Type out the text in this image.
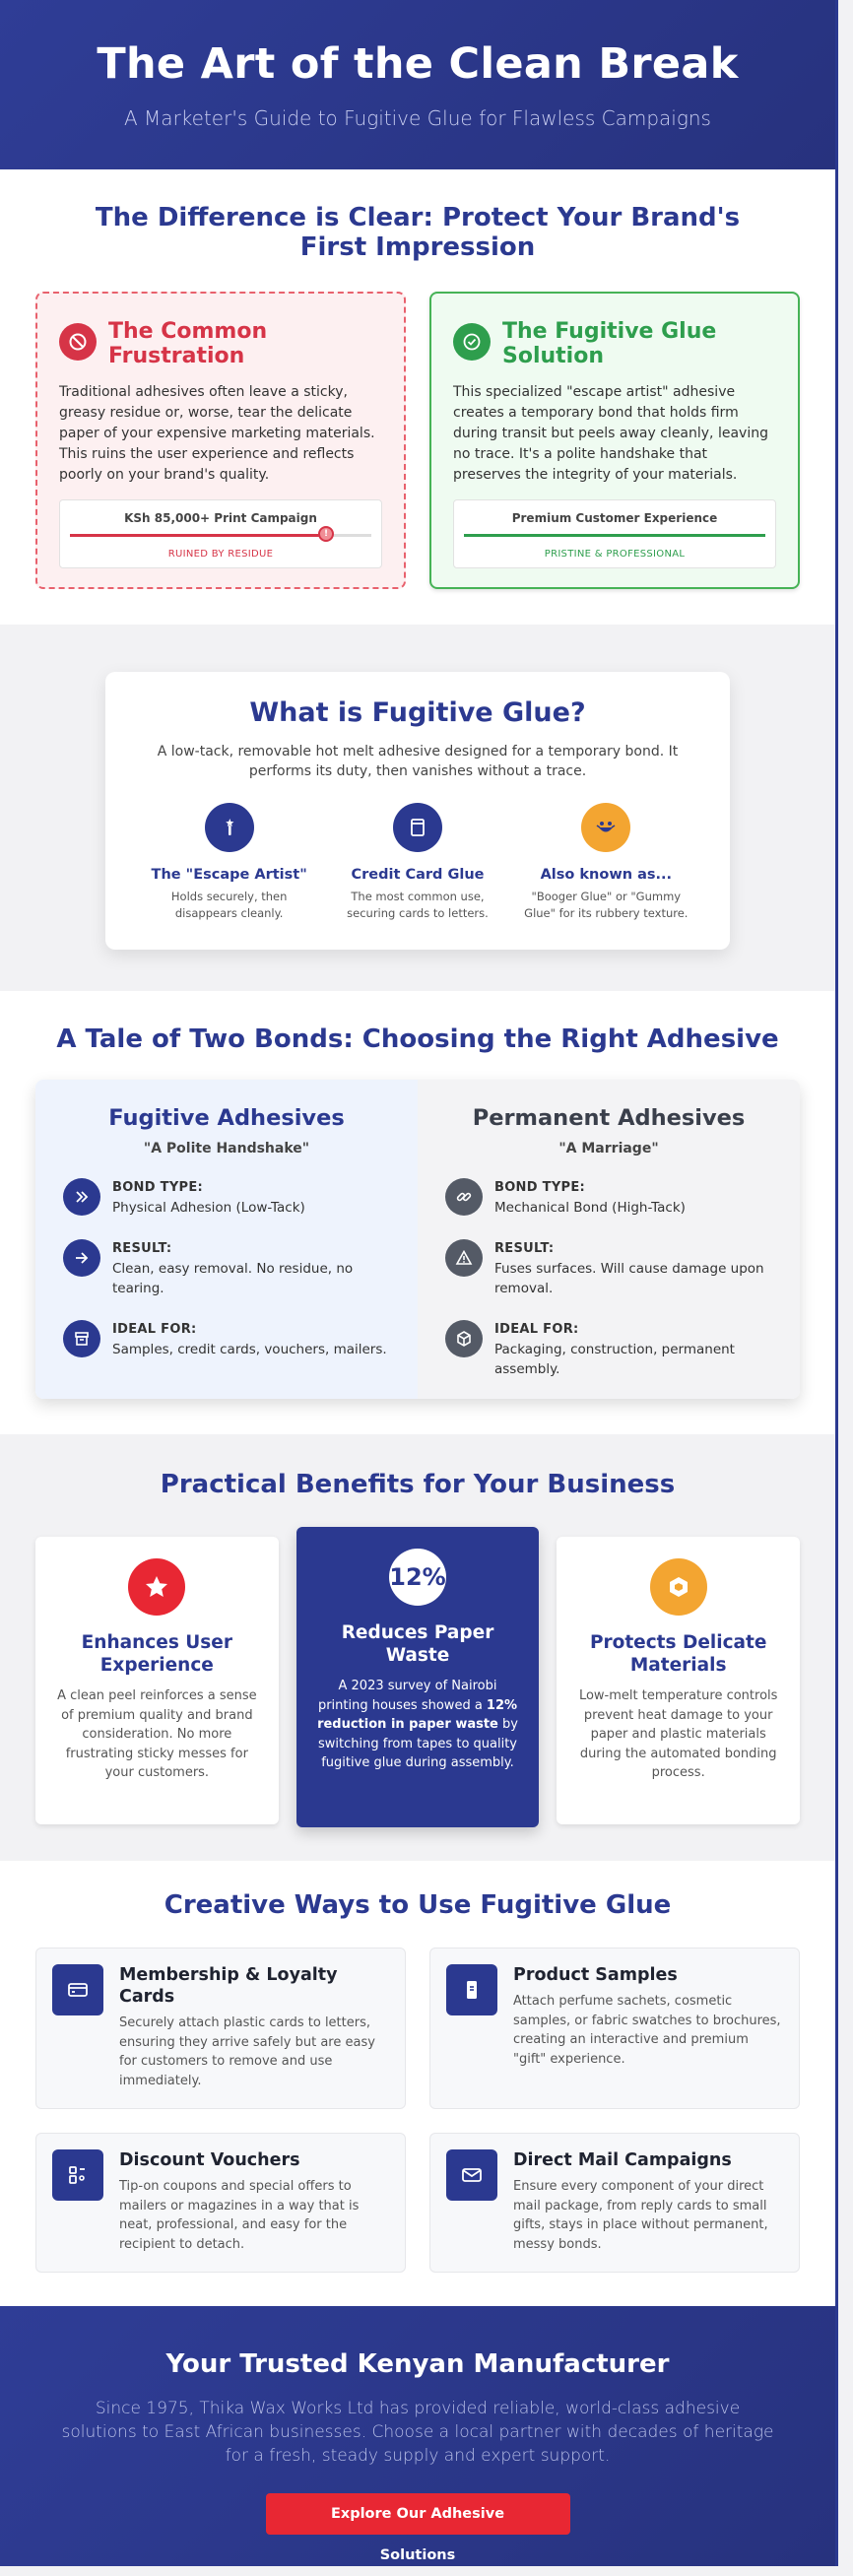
The Art of the Clean Break

A Marketer's Guide to Fugitive Glue for Flawless Campaigns

The Difference is Clear: Protect Your Brand's First Impression
The Common Frustration

Traditional adhesives often leave a sticky, greasy residue or, worse, tear the delicate paper of your expensive marketing materials. This ruins the user experience and reflects poorly on your brand's quality.

KSh 85,000+ Print Campaign
!
RUINED BY RESIDUE
The Fugitive Glue Solution

This specialized "escape artist" adhesive creates a temporary bond that holds firm during transit but peels away cleanly, leaving no trace. It's a polite handshake that preserves the integrity of your materials.

Premium Customer Experience
PRISTINE & PROFESSIONAL
What is Fugitive Glue?

A low-tack, removable hot melt adhesive designed for a temporary bond. It performs its duty, then vanishes without a trace.

The "Escape Artist"

Holds securely, then disappears cleanly.

Credit Card Glue

The most common use, securing cards to letters.

Also known as...

"Booger Glue" or "Gummy Glue" for its rubbery texture.

A Tale of Two Bonds: Choosing the Right Adhesive
Fugitive Adhesives
"A Polite Handshake"
BOND TYPE:
Physical Adhesion (Low-Tack)
RESULT:
Clean, easy removal. No residue, no tearing.
IDEAL FOR:
Samples, credit cards, vouchers, mailers.
Permanent Adhesives
"A Marriage"
BOND TYPE:
Mechanical Bond (High-Tack)
RESULT:
Fuses surfaces. Will cause damage upon removal.
IDEAL FOR:
Packaging, construction, permanent assembly.
Practical Benefits for Your Business
Enhances User Experience

A clean peel reinforces a sense of premium quality and brand consideration. No more frustrating sticky messes for your customers.

12%
Reduces Paper Waste

A 2023 survey of Nairobi printing houses showed a 12% reduction in paper waste by switching from tapes to quality fugitive glue during assembly.

Protects Delicate Materials

Low-melt temperature controls prevent heat damage to your paper and plastic materials during the automated bonding process.

Creative Ways to Use Fugitive Glue
Membership & Loyalty Cards

Securely attach plastic cards to letters, ensuring they arrive safely but are easy for customers to remove and use immediately.

Product Samples

Attach perfume sachets, cosmetic samples, or fabric swatches to brochures, creating an interactive and premium "gift" experience.

Discount Vouchers

Tip-on coupons and special offers to mailers or magazines in a way that is neat, professional, and easy for the recipient to detach.

Direct Mail Campaigns

Ensure every component of your direct mail package, from reply cards to small gifts, stays in place without permanent, messy bonds.

Your Trusted Kenyan Manufacturer

Since 1975, Thika Wax Works Ltd has provided reliable, world-class adhesive solutions to East African businesses. Choose a local partner with decades of heritage for a fresh, steady supply and expert support.

Explore Our Adhesive Solutions
